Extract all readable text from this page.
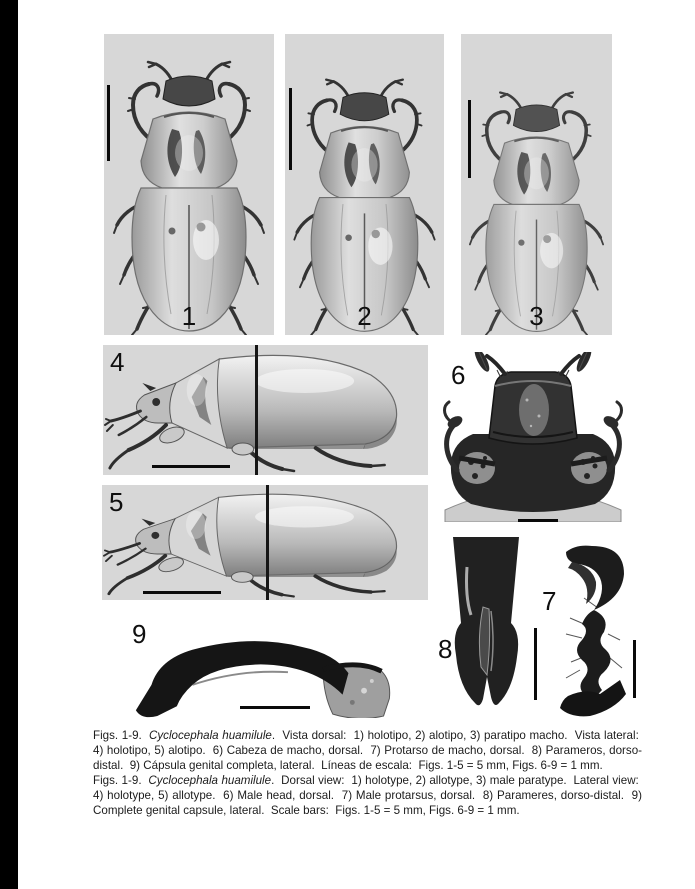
1	2	3
4
5
6
9	8
7

Figs. 1-9.  Cyclocephala huamilule.  Vista dorsal:  1) holotipo, 2) alotipo, 3) paratipo macho.  Vista lateral:  4) holotipo, 5) alotipo.  6) Cabeza de macho, dorsal.  7) Protarso de macho, dorsal.  8) Parameros, dorso-distal.  9) Cápsula genital completa, lateral.  Líneas de escala:  Figs. 1-5 = 5 mm, Figs. 6-9 = 1 mm.

Figs. 1-9.  Cyclocephala huamilule.  Dorsal view:  1) holotype, 2) allotype, 3) male paratype.  Lateral view:  4) holotype, 5) allotype.  6) Male head, dorsal.  7) Male protarsus, dorsal.  8) Parameres, dorso-distal.  9) Complete genital capsule, lateral.  Scale bars:  Figs. 1-5 = 5 mm, Figs. 6-9 = 1 mm.
